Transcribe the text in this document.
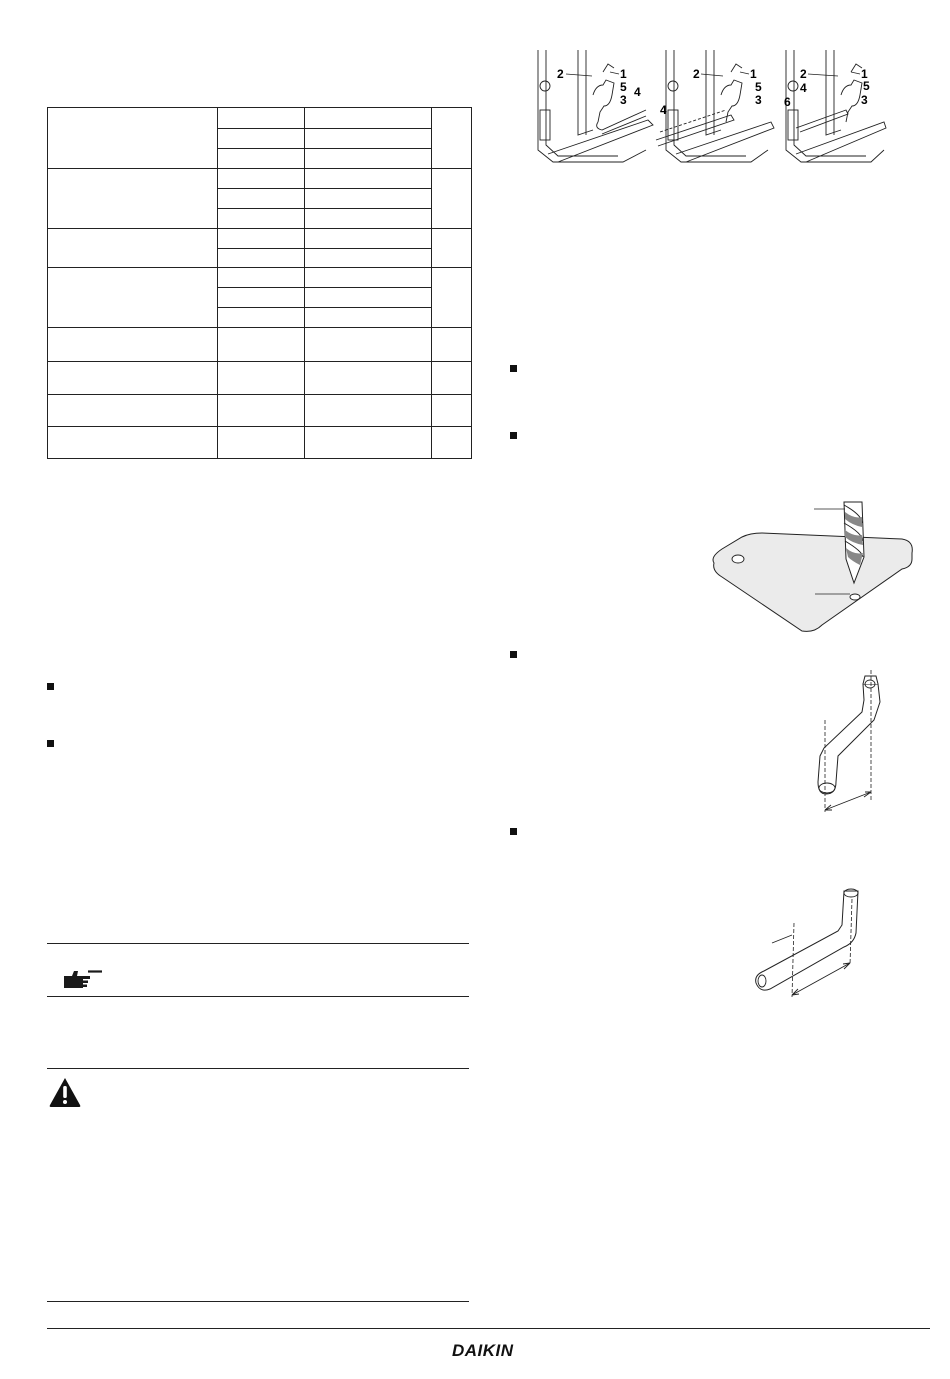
2	1
5 4
3
2	1
4
5
3
2	1
4	5
6	3
DAIKIN
